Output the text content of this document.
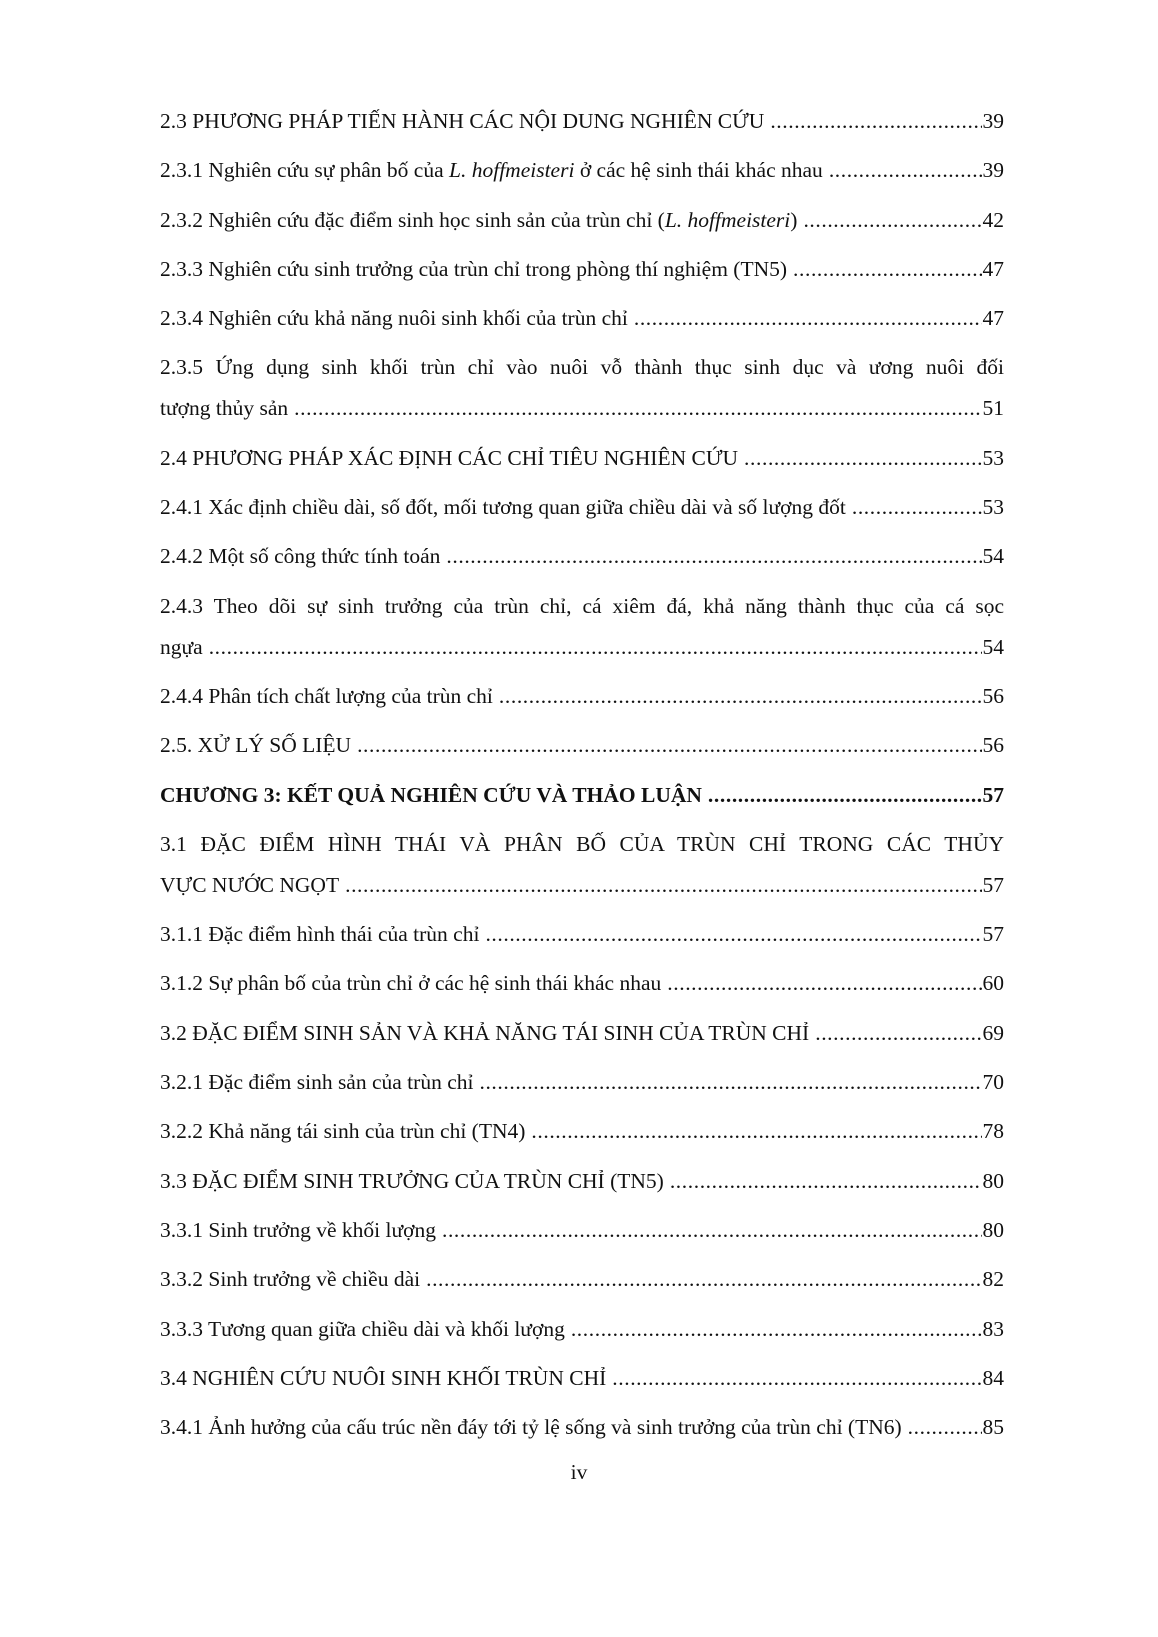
2.3 PHƯƠNG PHÁP TIẾN HÀNH CÁC NỘI DUNG NGHIÊN CỨU .....	39
2.3.1 Nghiên cứu sự phân bố của L. hoffmeisteri ở các hệ sinh thái khác nhau .....	39
2.3.2 Nghiên cứu đặc điểm sinh học sinh sản của trùn chỉ (L. hoffmeisteri) .....	42
2.3.3 Nghiên cứu sinh trưởng của trùn chỉ trong phòng thí nghiệm (TN5) .....	47
2.3.4 Nghiên cứu khả năng nuôi sinh khối của trùn chỉ .....	47
2.3.5 Ứng dụng sinh khối trùn chỉ vào nuôi vỗ thành thục sinh dục và ương nuôi đối
tượng thủy sản .....	51
2.4 PHƯƠNG PHÁP XÁC ĐỊNH CÁC CHỈ TIÊU NGHIÊN CỨU .....	53
2.4.1 Xác định chiều dài, số đốt, mối tương quan giữa chiều dài và số lượng đốt .....	53
2.4.2 Một số công thức tính toán .....	54
2.4.3 Theo dõi sự sinh trưởng của trùn chỉ, cá xiêm đá, khả năng thành thục của cá sọc
ngựa .....	54
2.4.4 Phân tích chất lượng của trùn chỉ .....	56
2.5. XỬ LÝ SỐ LIỆU .....	56
CHƯƠNG 3: KẾT QUẢ NGHIÊN CỨU VÀ THẢO LUẬN .....	57
3.1 ĐẶC ĐIỂM HÌNH THÁI VÀ PHÂN BỐ CỦA TRÙN CHỈ TRONG CÁC THỦY
VỰC NƯỚC NGỌT .....	57
3.1.1 Đặc điểm hình thái của trùn chỉ .....	57
3.1.2 Sự phân bố của trùn chỉ ở các hệ sinh thái khác nhau .....	60
3.2 ĐẶC ĐIỂM SINH SẢN VÀ KHẢ NĂNG TÁI SINH CỦA TRÙN CHỈ .....	69
3.2.1 Đặc điểm sinh sản của trùn chỉ .....	70
3.2.2 Khả năng tái sinh của trùn chỉ (TN4) .....	78
3.3 ĐẶC ĐIỂM SINH TRƯỞNG CỦA TRÙN CHỈ (TN5) .....	80
3.3.1 Sinh trưởng về khối lượng .....	80
3.3.2 Sinh trưởng về chiều dài .....	82
3.3.3 Tương quan giữa chiều dài và khối lượng .....	83
3.4 NGHIÊN CỨU NUÔI SINH KHỐI TRÙN CHỈ .....	84
3.4.1 Ảnh hưởng của cấu trúc nền đáy tới tỷ lệ sống và sinh trưởng của trùn chỉ (TN6) .....	85
iv
